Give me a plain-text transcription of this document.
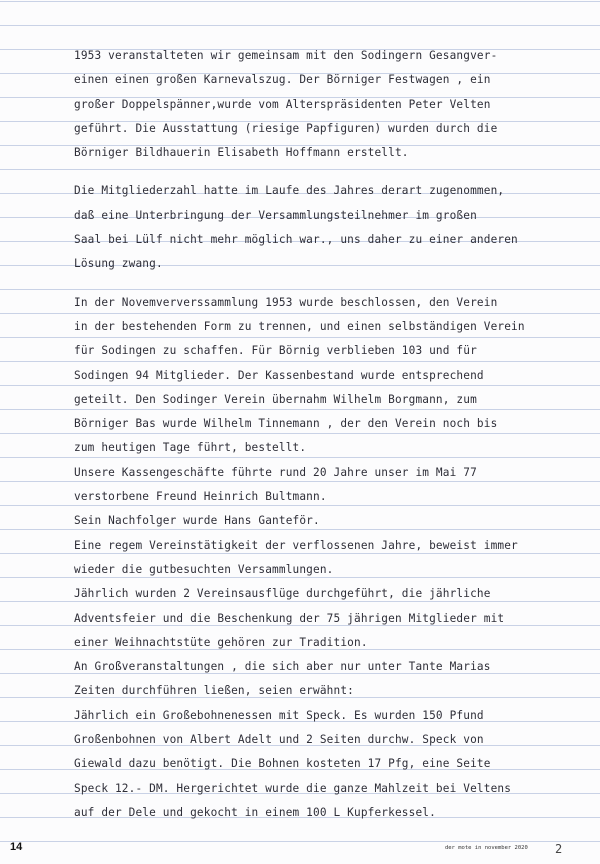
1953 veranstalteten wir gemeinsam mit den Sodingern Gesangver-
einen einen großen Karnevalszug. Der Börniger Festwagen , ein
großer Doppelspänner,wurde vom Alterspräsidenten Peter Velten
geführt. Die Ausstattung (riesige Papfiguren) wurden durch die
Börniger Bildhauerin Elisabeth Hoffmann erstellt.
Die Mitgliederzahl hatte im Laufe des Jahres derart zugenommen,
daß eine Unterbringung der Versammlungsteilnehmer im großen
Saal bei Lülf nicht mehr möglich war., uns daher zu einer anderen
Lösung zwang.
In der Novemververssammlung 1953 wurde beschlossen, den Verein
in der bestehenden Form zu trennen, und einen selbständigen Verein
für Sodingen zu schaffen. Für Börnig verblieben 103 und für
Sodingen 94 Mitglieder. Der Kassenbestand wurde entsprechend
geteilt. Den Sodinger Verein übernahm Wilhelm Borgmann, zum
Börniger Bas wurde Wilhelm Tinnemann , der den Verein noch bis
zum heutigen Tage führt, bestellt.
Unsere Kassengeschäfte führte rund 20 Jahre unser im Mai 77
verstorbene Freund Heinrich Bultmann.
Sein Nachfolger wurde Hans Ganteför.
Eine regem Vereinstätigkeit der verflossenen Jahre, beweist immer
wieder die gutbesuchten Versammlungen.
Jährlich wurden 2 Vereinsausflüge durchgeführt, die jährliche
Adventsfeier und die Beschenkung der 75 jährigen Mitglieder mit
einer Weihnachtstüte gehören zur Tradition.
An Großveranstaltungen , die sich aber nur unter Tante Marias
Zeiten durchführen ließen, seien erwähnt:
Jährlich ein Großebohnenessen mit Speck. Es wurden 150 Pfund
Großenbohnen von Albert Adelt und 2 Seiten durchw. Speck von
Giewald dazu benötigt. Die Bohnen kosteten 17 Pfg, eine Seite
Speck 12.- DM. Hergerichtet wurde die ganze Mahlzeit bei Veltens
auf der Dele und gekocht in einem 100 L Kupferkessel.
14	der mote in november 2020 2
